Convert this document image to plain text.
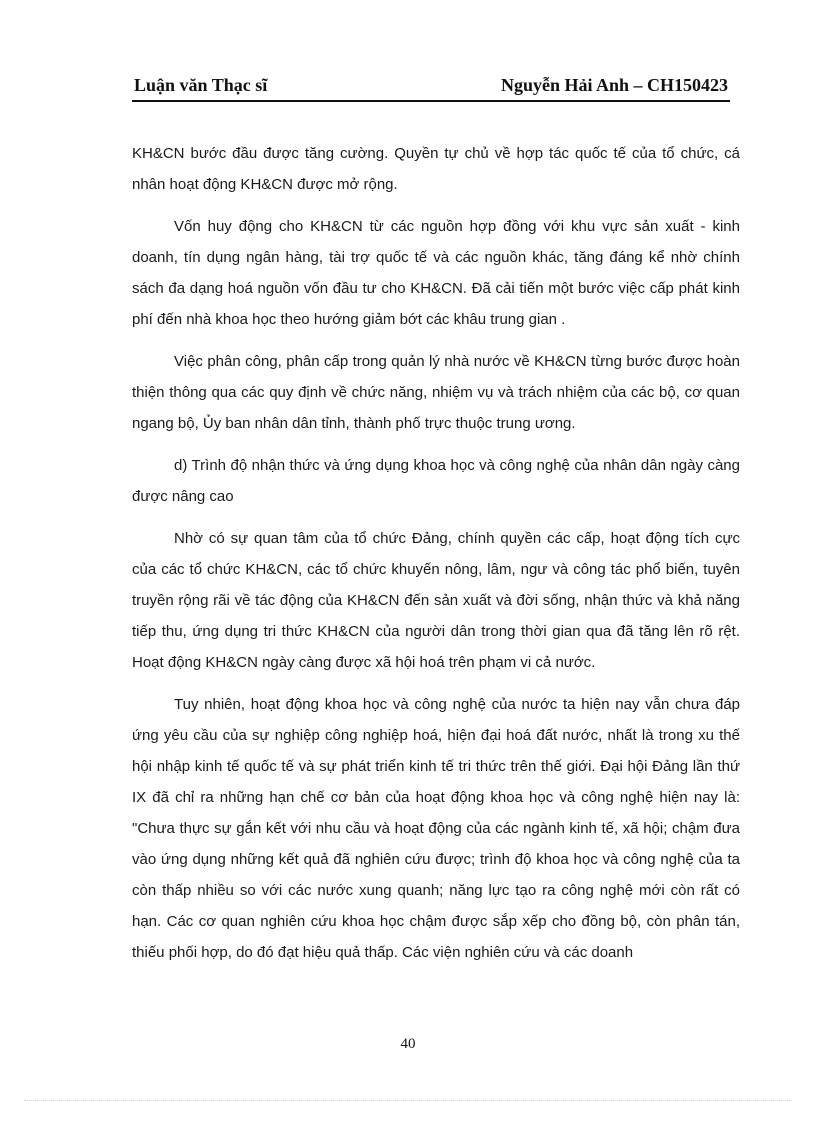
Luận văn Thạc sĩ	Nguyễn Hải Anh – CH150423

KH&CN bước đầu được tăng cường. Quyền tự chủ về hợp tác quốc tế của tổ chức, cá nhân hoạt động KH&CN được mở rộng.

Vốn huy động cho KH&CN từ các nguồn hợp đồng với khu vực sản xuất - kinh doanh, tín dụng ngân hàng, tài trợ quốc tế và các nguồn khác, tăng đáng kể nhờ chính sách đa dạng hoá nguồn vốn đầu tư cho KH&CN. Đã cải tiến một bước việc cấp phát kinh phí đến nhà khoa học theo hướng giảm bớt các khâu trung gian .

Việc phân công, phân cấp trong quản lý nhà nước về KH&CN từng bước được hoàn thiện thông qua các quy định về chức năng, nhiệm vụ và trách nhiệm của các bộ, cơ quan ngang bộ, Ủy ban nhân dân tỉnh, thành phố trực thuộc trung ương.

d) Trình độ nhận thức và ứng dụng khoa học và công nghệ của nhân dân ngày càng được nâng cao

Nhờ có sự quan tâm của tổ chức Đảng, chính quyền các cấp, hoạt động tích cực của các tổ chức KH&CN, các tổ chức khuyến nông, lâm, ngư và công tác phổ biến, tuyên truyền rộng rãi về tác động của KH&CN đến sản xuất và đời sống, nhận thức và khả năng tiếp thu, ứng dụng tri thức KH&CN của người dân trong thời gian qua đã tăng lên rõ rệt. Hoạt động KH&CN ngày càng được xã hội hoá trên phạm vi cả nước.

Tuy nhiên, hoạt động khoa học và công nghệ của nước ta hiện nay vẫn chưa đáp ứng yêu cầu của sự nghiệp công nghiệp hoá, hiện đại hoá đất nước, nhất là trong xu thế hội nhập kinh tế quốc tế và sự phát triển kinh tế tri thức trên thế giới. Đại hội Đảng lần thứ IX đã chỉ ra những hạn chế cơ bản của hoạt động khoa học và công nghệ hiện nay là: "Chưa thực sự gắn kết với nhu cầu và hoạt động của các ngành kinh tế, xã hội; chậm đưa vào ứng dụng những kết quả đã nghiên cứu được; trình độ khoa học và công nghệ của ta còn thấp nhiều so với các nước xung quanh; năng lực tạo ra công nghệ mới còn rất có hạn. Các cơ quan nghiên cứu khoa học chậm được sắp xếp cho đồng bộ, còn phân tán, thiếu phối hợp, do đó đạt hiệu quả thấp. Các viện nghiên cứu và các doanh

40
